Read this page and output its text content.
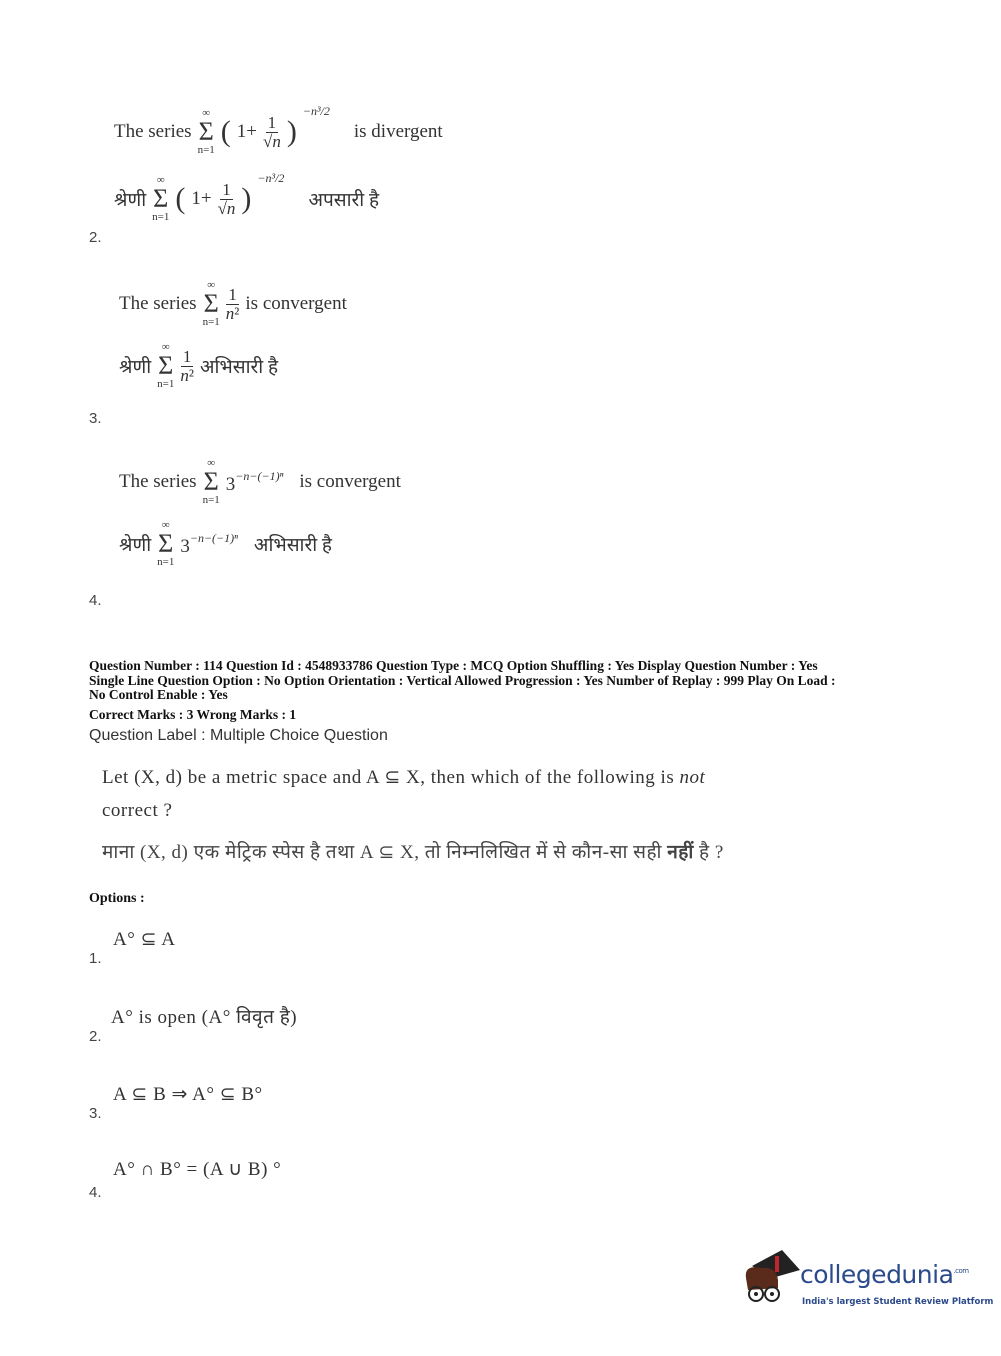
The series
∞
Σ
n=1
( $1+ \frac{1}{√n}$ )
$^{-n^3/2}$
is divergent
श्रेणी
∞
Σ
n=1
( $1+ \frac{1}{√n}$ )
$^{-n^3/2}$
अपसारी है
2.
The series
∞
Σ
$n=1 \frac{1}{\text{n²}}$ is convergent
श्रेणी
∞
Σ
$n=1 \frac{1}{\text{n²}}$ अभिसारी है
3.
The series
∞
Σ
n=1
$3^{-n-(-1)^n}$ is convergent
श्रेणी
∞
Σ
n=1
$3^{-n-(-1)^n}$ अभिसारी है
4.
Question Number : 114 Question Id : 4548933786 Question Type : MCQ Option Shuffling : Yes Display Question Number : Yes
Single Line Question Option : No Option Orientation : Vertical Allowed Progression : Yes Number of Replay : 999 Play On Load :
No Control Enable : Yes
Correct Marks : 3 Wrong Marks : 1
Question Label : Multiple Choice Question
Let (X, d) be a metric space and A ⊆ X, then which of the following is not
correct ?
माना (X, d) एक मेट्रिक स्पेस है तथा A ⊆ X, तो निम्नलिखित में से कौन-सा सही नहीं है ?
Options :
A° ⊆ A
1.
A° is open (A° विवृत है)
2.
A ⊆ B ⇒ A° ⊆ B°
3.
A° ∩ B° = (A ∪ B) °
4.
collegedunia$^{.com}$
India's largest Student Review Platform
